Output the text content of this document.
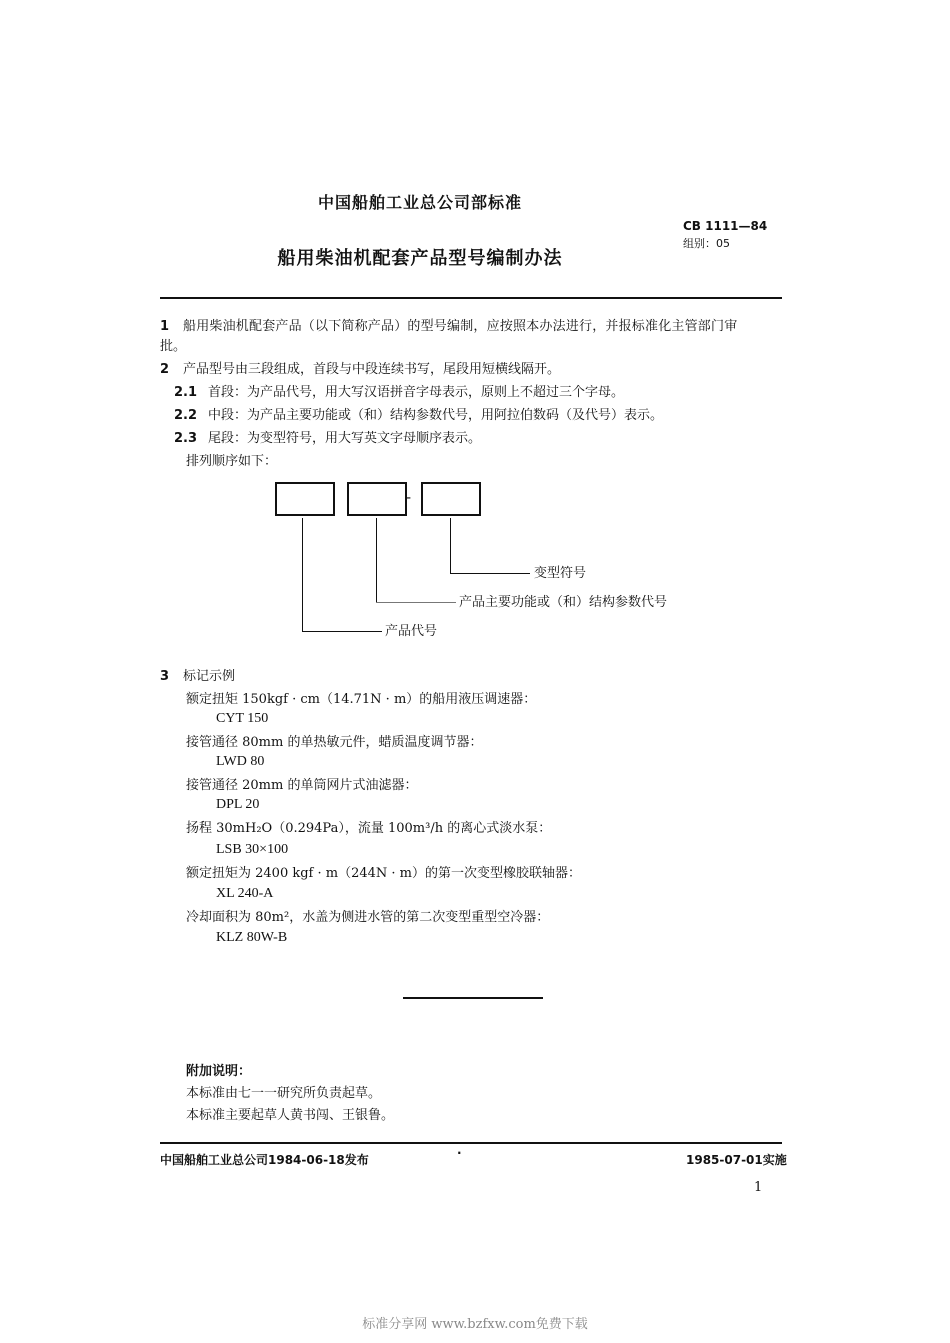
中国船舶工业总公司部标准
CB 1111—84
组别：05
船用柴油机配套产品型号编制办法
1 船用柴油机配套产品（以下简称产品）的型号编制，应按照本办法进行，并报标准化主管部门审
批。
2 产品型号由三段组成，首段与中段连续书写，尾段用短横线隔开。
2.1 首段：为产品代号，用大写汉语拼音字母表示，原则上不超过三个字母。
2.2 中段：为产品主要功能或（和）结构参数代号，用阿拉伯数码（及代号）表示。
2.3 尾段：为变型符号，用大写英文字母顺序表示。
排列顺序如下：
-
变型符号
产品主要功能或（和）结构参数代号
产品代号
3 标记示例
额定扭矩 150kgf · cm（14.71N · m）的船用液压调速器：
CYT 150
接管通径 80mm 的单热敏元件，蜡质温度调节器：
LWD 80
接管通径 20mm 的单筒网片式油滤器：
DPL 20
扬程 30mH₂O（0.294Pa），流量 100m³/h 的离心式淡水泵：
LSB 30×100
额定扭矩为 2400 kgf · m（244N · m）的第一次变型橡胶联轴器：
XL 240-A
冷却面积为 80m²，水盖为侧进水管的第二次变型重型空冷器：
KLZ 80W-B
附加说明：
本标准由七一一研究所负责起草。
本标准主要起草人黄书闯、王银鲁。
中国船舶工业总公司1984-06-18发布	·	1985-07-01实施
1
标准分享网 www.bzfxw.com免费下载
